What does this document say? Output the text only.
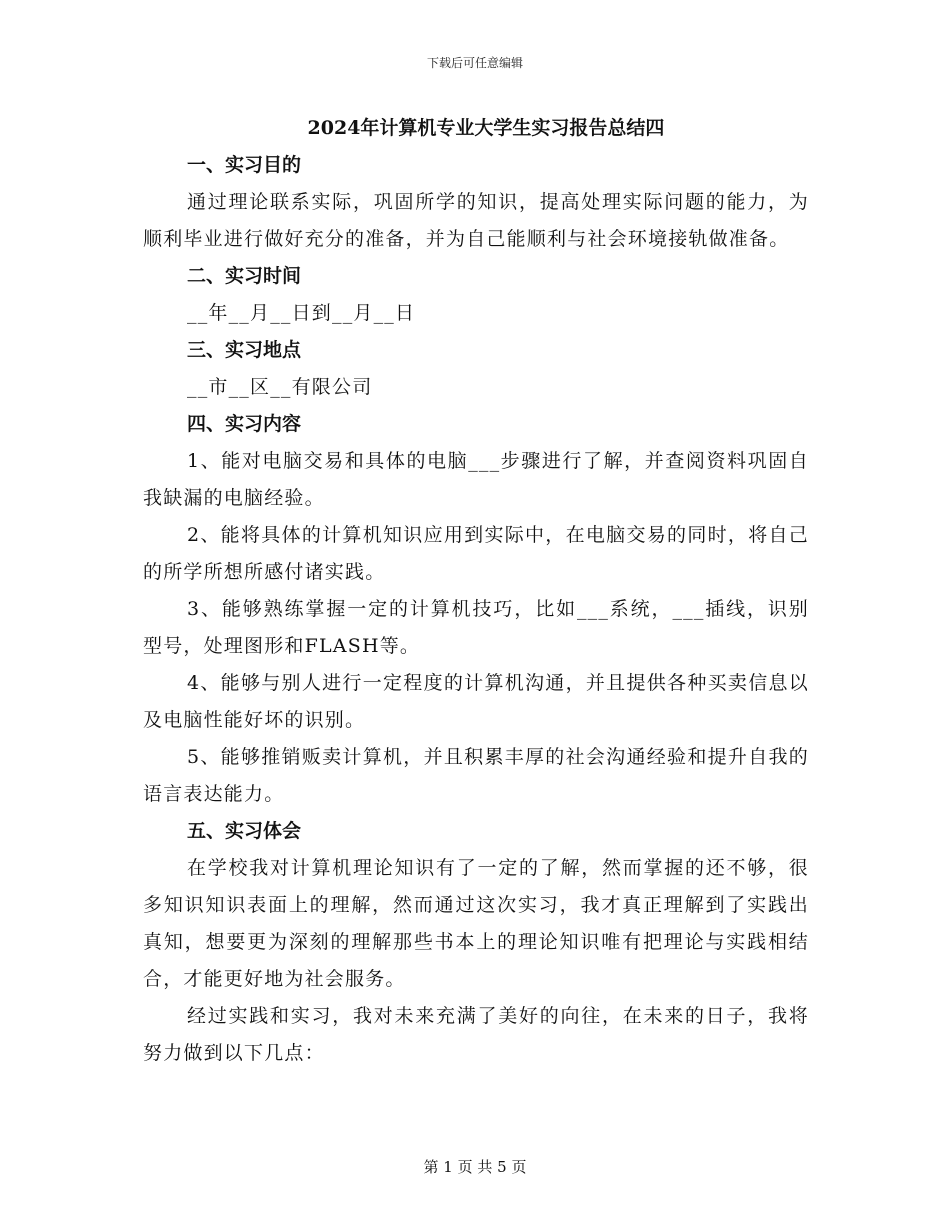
下载后可任意编辑
2024年计算机专业大学生实习报告总结四
一、实习目的

通过理论联系实际，巩固所学的知识，提高处理实际问题的能力，为顺利毕业进行做好充分的准备，并为自己能顺利与社会环境接轨做准备。

二、实习时间

__年__月__日到__月__日

三、实习地点

__市__区__有限公司

四、实习内容

1、能对电脑交易和具体的电脑___步骤进行了解，并查阅资料巩固自我缺漏的电脑经验。

2、能将具体的计算机知识应用到实际中，在电脑交易的同时，将自己的所学所想所感付诸实践。

3、能够熟练掌握一定的计算机技巧，比如___系统，___插线，识别型号，处理图形和FLASH等。

4、能够与别人进行一定程度的计算机沟通，并且提供各种买卖信息以及电脑性能好坏的识别。

5、能够推销贩卖计算机，并且积累丰厚的社会沟通经验和提升自我的语言表达能力。

五、实习体会

在学校我对计算机理论知识有了一定的了解，然而掌握的还不够，很多知识知识表面上的理解，然而通过这次实习，我才真正理解到了实践出真知，想要更为深刻的理解那些书本上的理论知识唯有把理论与实践相结合，才能更好地为社会服务。

经过实践和实习，我对未来充满了美好的向往，在未来的日子，我将努力做到以下几点：

第 1 页 共 5 页
